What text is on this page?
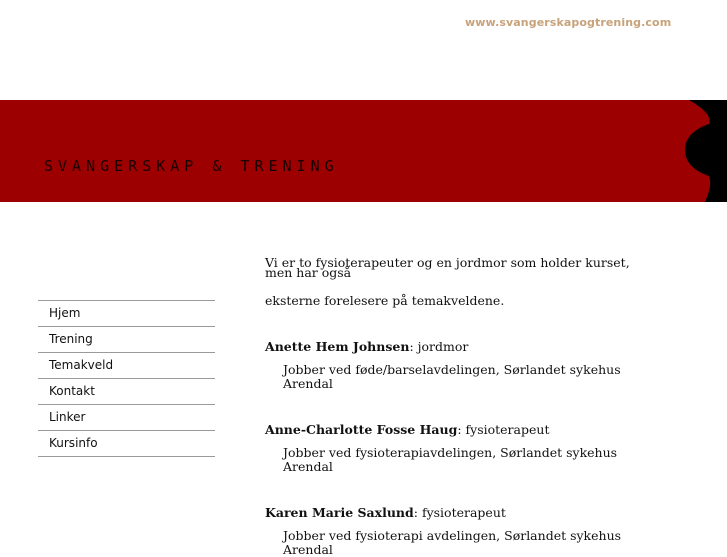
www.svangerskapogtrening.com
SVANGERSKAP & TRENING
Hjem
Trening
Temakveld
Kontakt
Linker
Kursinfo

Vi er to fysioterapeuter og en jordmor som holder kurset, men har også

eksterne forelesere på temakveldene.

Anette Hem Johnsen: jordmor
Jobber ved føde/barselavdelingen, Sørlandet sykehus Arendal
Anne-Charlotte Fosse Haug: fysioterapeut
Jobber ved fysioterapiavdelingen, Sørlandet sykehus Arendal
Karen Marie Saxlund: fysioterapeut
Jobber ved fysioterapi avdelingen, Sørlandet sykehus Arendal
